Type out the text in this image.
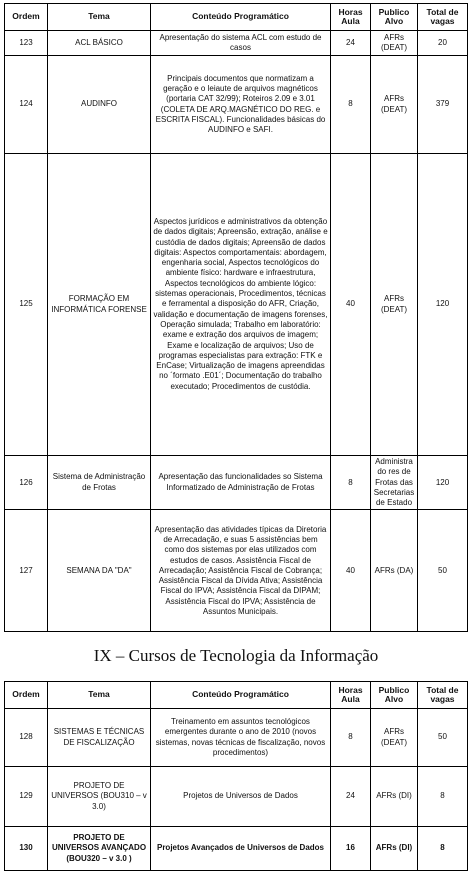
Ordem	Tema	Conteúdo Programático	Horas Aula	Publico Alvo	Total de vagas
123	ACL BÁSICO	Apresentação do sistema ACL com estudo de casos	24	AFRs (DEAT)	20
124	AUDINFO	Principais documentos que normatizam a geração e o leiaute de arquivos magnéticos (portaria CAT 32/99); Roteiros 2.09 e 3.01 (COLETA DE ARQ.MAGNÉTICO DO REG. e ESCRITA FISCAL). Funcionalidades básicas do AUDINFO e SAFI.	8	AFRs (DEAT)	379
125	FORMAÇÃO EM INFORMÁTICA FORENSE	Aspectos jurídicos e administrativos da obtenção de dados digitais; Apreensão, extração, análise e custódia de dados digitais; Apreensão de dados digitais: Aspectos comportamentais: abordagem, engenharia social, Aspectos tecnológicos do ambiente físico: hardware e infraestrutura, Aspectos tecnológicos do ambiente lógico: sistemas operacionais, Procedimentos, técnicas e ferramental a disposição do AFR, Criação, validação e documentação de imagens forenses, Operação simulada; Trabalho em laboratório: exame e extração dos arquivos de imagem; Exame e localização de arquivos; Uso de programas especialistas para extração: FTK e EnCase; Virtualização de imagens apreendidas no ´formato .E01´; Documentação do trabalho executado; Procedimentos de custódia.	40	AFRs (DEAT)	120
126	Sistema de Administração de Frotas	Apresentação das funcionalidades so Sistema Informatizado de Administração de Frotas	8	Administra do res de Frotas das Secretarias de Estado	120
127	SEMANA DA "DA"	Apresentação das atividades típicas da Diretoria de Arrecadação, e suas 5 assistências bem como dos sistemas por elas utilizados com estudos de casos. Assistência Fiscal de Arrecadação; Assistência Fiscal de Cobrança; Assistência Fiscal da Dívida Ativa; Assistência Fiscal do IPVA; Assistência Fiscal da DIPAM; Assistência Fiscal do IPVA; Assistência de Assuntos Municipais.	40	AFRs (DA)	50
IX – Cursos de Tecnologia da Informação
Ordem	Tema	Conteúdo Programático	Horas Aula	Publico Alvo	Total de vagas
128	SISTEMAS E TÉCNICAS DE FISCALIZAÇÃO	Treinamento em assuntos tecnológicos emergentes durante o ano de 2010 (novos sistemas, novas técnicas de fiscalização, novos procedimentos)	8	AFRs (DEAT)	50
129	PROJETO DE UNIVERSOS (BOU310 – v 3.0)	Projetos de Universos de Dados	24	AFRs (DI)	8
130	PROJETO DE UNIVERSOS AVANÇADO (BOU320 – v 3.0 )	Projetos Avançados de Universos de Dados	16	AFRs (DI)	8
